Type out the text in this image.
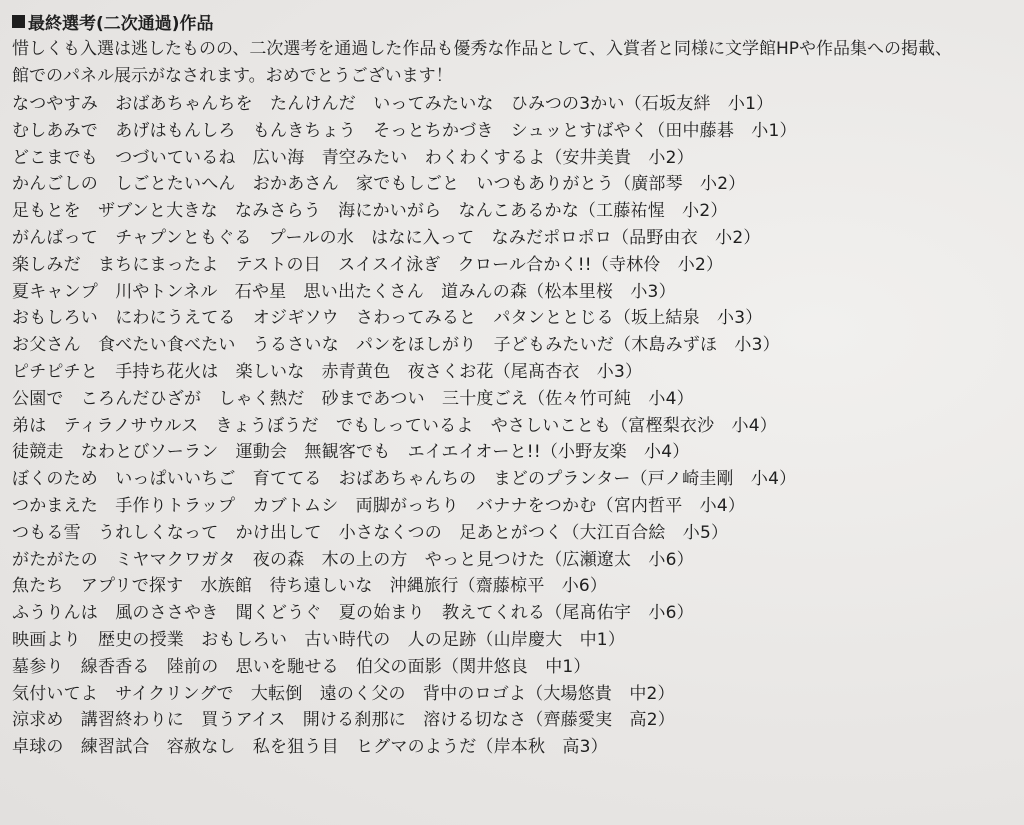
最終選考(二次通過)作品
惜しくも入選は逃したものの、二次選考を通過した作品も優秀な作品として、入賞者と同様に文学館HPや作品集への掲載、
館でのパネル展示がなされます。おめでとうございます！
なつやすみ　おばあちゃんちを　たんけんだ　いってみたいな　ひみつの3かい（石坂友絆　小1）
むしあみで　あげはもんしろ　もんきちょう　そっとちかづき　シュッとすばやく（田中藤碁　小1）
どこまでも　つづいているね　広い海　青空みたい　わくわくするよ（安井美貴　小2）
かんごしの　しごとたいへん　おかあさん　家でもしごと　いつもありがとう（廣部琴　小2）
足もとを　ザブンと大きな　なみさらう　海にかいがら　なんこあるかな（工藤祐惺　小2）
がんばって　チャプンともぐる　プールの水　はなに入って　なみだポロポロ（品野由衣　小2）
楽しみだ　まちにまったよ　テストの日　スイスイ泳ぎ　クロール合かく!!（寺林伶　小2）
夏キャンプ　川やトンネル　石や星　思い出たくさん　道みんの森（松本里桜　小3）
おもしろい　にわにうえてる　オジギソウ　さわってみると　パタンととじる（坂上結泉　小3）
お父さん　食べたい食べたい　うるさいな　パンをほしがり　子どもみたいだ（木島みずほ　小3）
ピチピチと　手持ち花火は　楽しいな　赤青黄色　夜さくお花（尾髙杏衣　小3）
公園で　ころんだひざが　しゃく熱だ　砂まであつい　三十度ごえ（佐々竹可純　小4）
弟は　ティラノサウルス　きょうぼうだ　でもしっているよ　やさしいことも（富樫梨衣沙　小4）
徒競走　なわとびソーラン　運動会　無観客でも　エイエイオーと!!（小野友楽　小4）
ぼくのため　いっぱいいちご　育ててる　おばあちゃんちの　まどのプランター（戸ノ崎圭剛　小4）
つかまえた　手作りトラップ　カブトムシ　両脚がっちり　バナナをつかむ（宮内哲平　小4）
つもる雪　うれしくなって　かけ出して　小さなくつの　足あとがつく（大江百合絵　小5）
がたがたの　ミヤマクワガタ　夜の森　木の上の方　やっと見つけた（広瀬遼太　小6）
魚たち　アプリで探す　水族館　待ち遠しいな　沖縄旅行（齋藤椋平　小6）
ふうりんは　風のささやき　聞くどうぐ　夏の始まり　教えてくれる（尾髙佑宇　小6）
映画より　歴史の授業　おもしろい　古い時代の　人の足跡（山岸慶大　中1）
墓参り　線香香る　陸前の　思いを馳せる　伯父の面影（関井悠良　中1）
気付いてよ　サイクリングで　大転倒　遠のく父の　背中のロゴよ（大場悠貴　中2）
涼求め　講習終わりに　買うアイス　開ける刹那に　溶ける切なさ（齊藤愛実　高2）
卓球の　練習試合　容赦なし　私を狙う目　ヒグマのようだ（岸本秋　高3）
